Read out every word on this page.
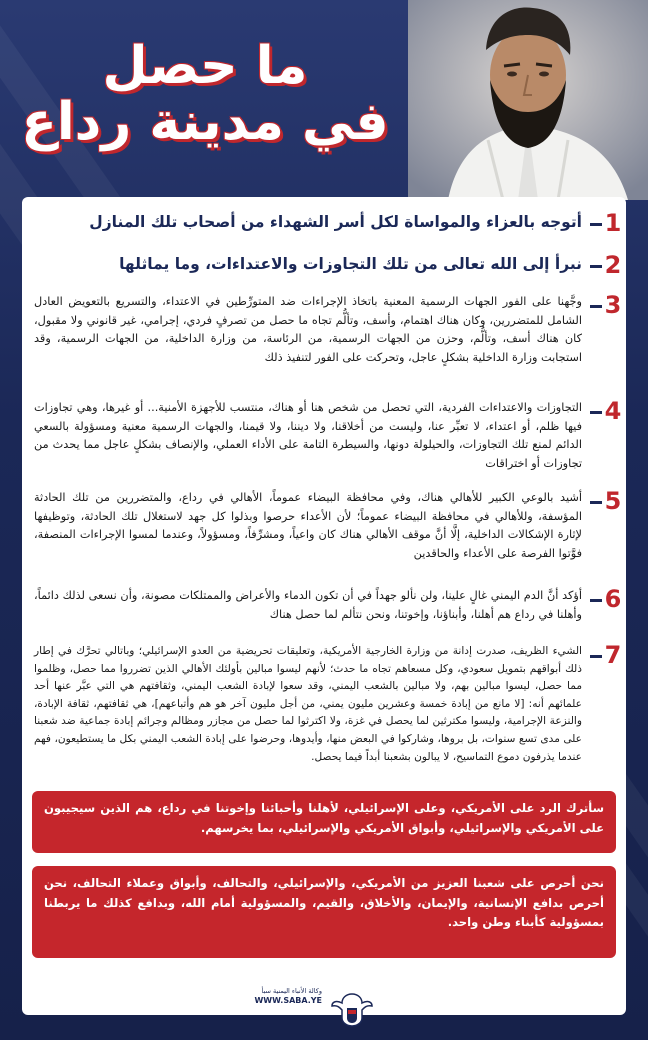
ما حصل
في مدينة رداع
1
أتوجه بالعزاء والمواساة لكل أسر الشهداء من أصحاب تلك المنازل
2
نبرأ إلى الله تعالى من تلك التجاوزات والاعتداءات، وما يماثلها
3
وجَّهنا على الفور الجهات الرسمية المعنية باتخاذ الإجراءات ضد المتورِّطين في الاعتداء، والتسريع بالتعويض العادل الشامل للمتضررين، وكان هناك اهتمام، وأسف، وتألُّم تجاه ما حصل من تصرفٍ فردي، إجرامي، غير قانوني ولا مقبول، كان هناك أسف، وتألُّم، وحزن من الجهات الرسمية، من الرئاسة، من وزارة الداخلية، من الجهات الرسمية، وقد استجابت وزارة الداخلية بشكلٍ عاجل، وتحركت على الفور لتنفيذ ذلك
4
التجاوزات والاعتداءات الفردية، التي تحصل من شخص هنا أو هناك، منتسب للأجهزة الأمنية... أو غيرها، وهي تجاوزات فيها ظلم، أو اعتداء، لا تعبِّر عنا، وليست من أخلاقنا، ولا ديننا، ولا قيمنا، والجهات الرسمية معنية ومسؤولة بالسعي الدائم لمنع تلك التجاوزات، والحيلولة دونها، والسيطرة التامة على الأداء العملي، والإنصاف بشكلٍ عاجل مما يحدث من تجاوزات أو اختراقات
5
أشيد بالوعي الكبير للأهالي هناك، وفي محافظة البيضاء عموماً، الأهالي في رداع، والمتضررين من تلك الحادثة المؤسفة، وللأهالي في محافظة البيضاء عموماً؛ لأن الأعداء حرصوا وبذلوا كل جهد لاستغلال تلك الحادثة، وتوظيفها لإثارة الإشكالات الداخلية، إلَّا أنَّ موقف الأهالي هناك كان واعياً، ومشرِّفاً، ومسؤولاً، وعندما لمسوا الإجراءات المنصفة، فوَّتوا الفرصة على الأعداء والحاقدين
6
أؤكد أنَّ الدم اليمني غالٍ علينا، ولن نألو جهداً في أن تكون الدماء والأعراض والممتلكات مصونة، وأن نسعى لذلك دائماً، وأهلنا في رداع هم أهلنا، وأبناؤنا، وإخوتنا، ونحن نتألم لما حصل هناك
7
الشيء الظريف، صدرت إدانة من وزارة الخارجية الأمريكية، وتعليقات تحريضية من العدو الإسرائيلي؛ وباتالي تحرَّك في إطار ذلك أبواقهم بتمويل سعودي، وكل مسعاهم تجاه ما حدث؛ لأنهم ليسوا مبالين بأولئك الأهالي الذين تضرروا مما حصل، وظلموا مما حصل، ليسوا مبالين بهم، ولا مبالين بالشعب اليمني، وقد سعوا لإبادة الشعب اليمني، وثقافتهم هي التي عبَّر عنها أحد علمائهم أنه: [لا مانع من إبادة خمسة وعشرين مليون يمني، من أجل مليون آخر هو هم وأتباعهم]، هي ثقافتهم، ثقافة الإبادة، والنزعة الإجرامية، وليسوا مكترثين لما يحصل في غزة، ولا اكترثوا لما حصل من مجازر ومظالم وجرائم إبادة جماعية ضد شعبنا على مدى تسع سنوات، بل بروها، وشاركوا في البعض منها، وأيدوها، وحرضوا على إبادة الشعب اليمني بكل ما يستطيعون، فهم عندما يذرفون دموع التماسيح، لا يبالون بشعبنا أبداً فيما يحصل.
سأترك الرد على الأمريكي، وعلى الإسرائيلي، لأهلنا وأحبائنا وإخوتنا في رداع، هم الذين سيجيبون على الأمريكي والإسرائيلي، وأبواق الأمريكي والإسرائيلي، بما يخرسهم.
نحن أحرص على شعبنا العزيز من الأمريكي، والإسرائيلي، والتحالف، وأبواق وعملاء التحالف، نحن أحرص بدافع الإنسانية، والإيمان، والأخلاق، والقيم، والمسؤولية أمام الله، وبدافع كذلك ما يربطنا بمسؤولية كأبناء وطن واحد.
وكالة الأنباء اليمنية سبأ
WWW.SABA.YE
